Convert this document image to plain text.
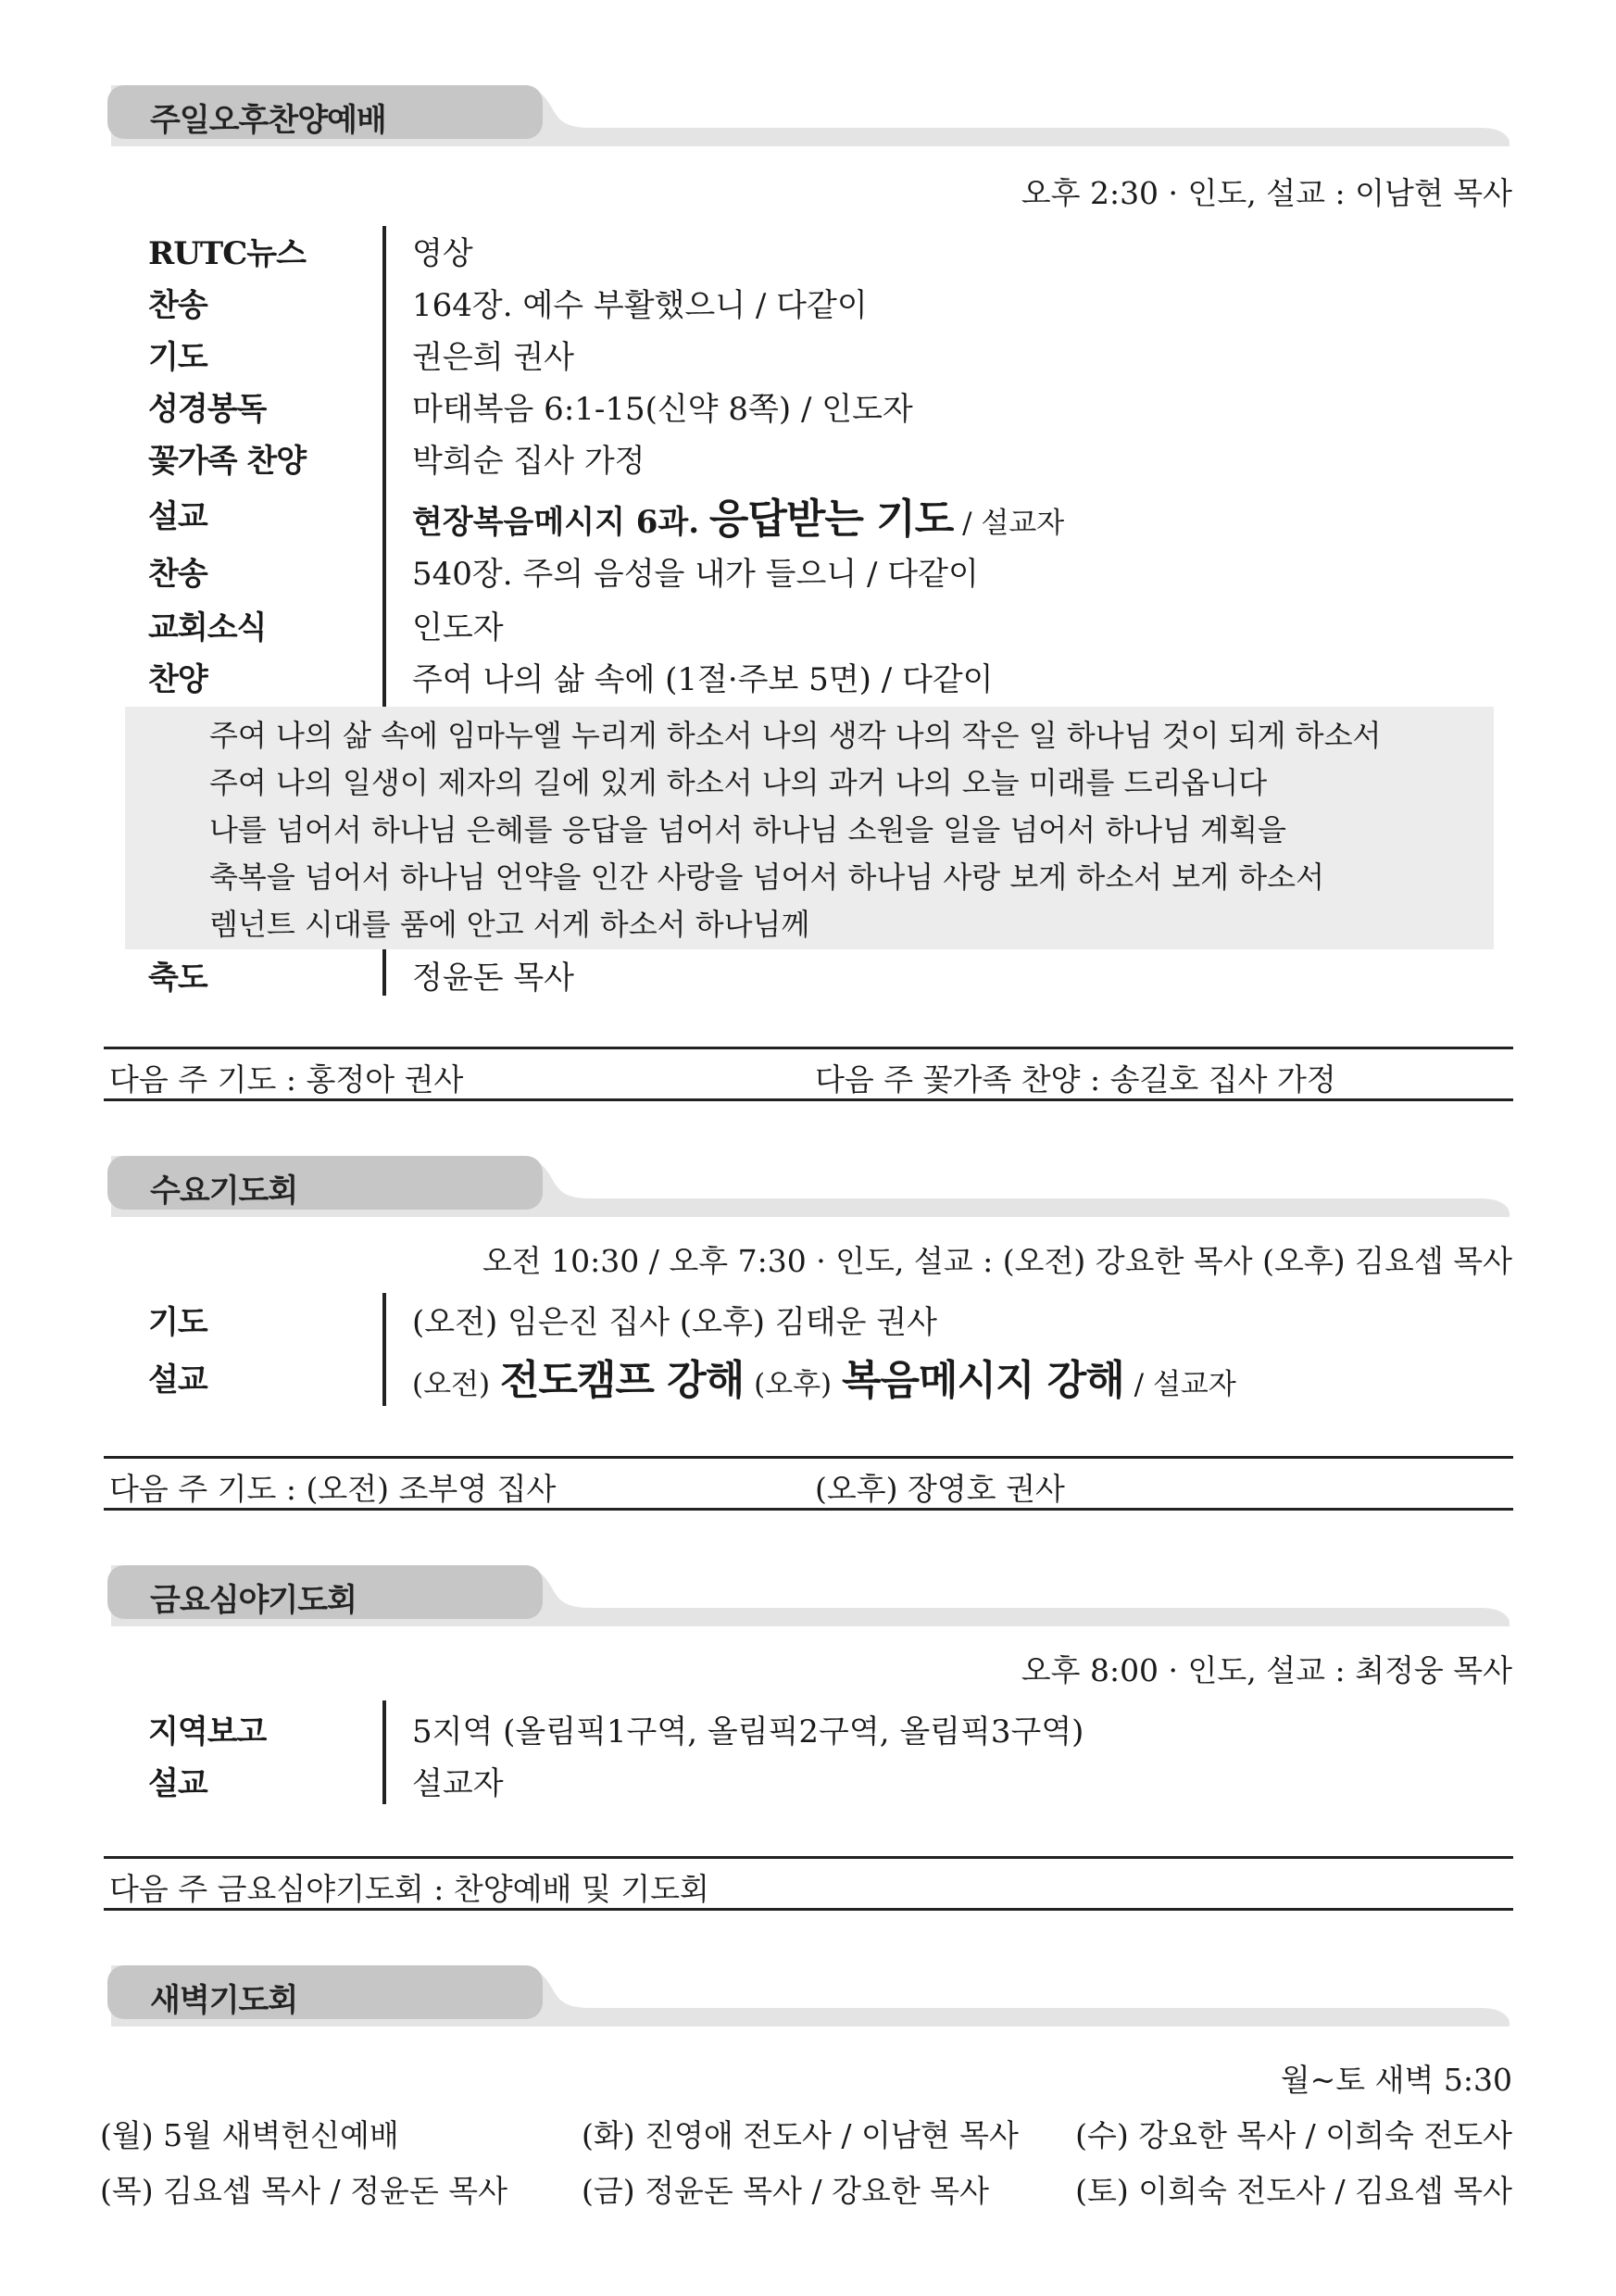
주일오후찬양예배
오후 2:30 · 인도, 설교 : 이남현 목사
RUTC뉴스	영상
찬송	164장. 예수 부활했으니 / 다같이
기도	권은희 권사
성경봉독	마태복음 6:1-15(신약 8쪽) / 인도자
꽃가족 찬양	박희순 집사 가정
설교	현장복음메시지 6과. 응답받는 기도 / 설교자
찬송	540장. 주의 음성을 내가 들으니 / 다같이
교회소식	인도자
찬양	주여 나의 삶 속에 (1절·주보 5면) / 다같이
주여 나의 삶 속에 임마누엘 누리게 하소서 나의 생각 나의 작은 일 하나님 것이 되게 하소서
주여 나의 일생이 제자의 길에 있게 하소서 나의 과거 나의 오늘 미래를 드리옵니다
나를 넘어서 하나님 은혜를 응답을 넘어서 하나님 소원을 일을 넘어서 하나님 계획을
축복을 넘어서 하나님 언약을 인간 사랑을 넘어서 하나님 사랑 보게 하소서 보게 하소서
렘넌트 시대를 품에 안고 서게 하소서 하나님께
축도	정윤돈 목사
다음 주 기도 : 홍정아 권사	다음 주 꽃가족 찬양 : 송길호 집사 가정
수요기도회
오전 10:30 / 오후 7:30 · 인도, 설교 : (오전) 강요한 목사 (오후) 김요셉 목사
기도	(오전) 임은진 집사 (오후) 김태운 권사
설교	(오전) 전도캠프 강해 (오후) 복음메시지 강해 / 설교자
다음 주 기도 : (오전) 조부영 집사	(오후) 장영호 권사
금요심야기도회
오후 8:00 · 인도, 설교 : 최정웅 목사
지역보고	5지역 (올림픽1구역, 올림픽2구역, 올림픽3구역)
설교	설교자
다음 주 금요심야기도회 : 찬양예배 및 기도회
새벽기도회
월~토 새벽 5:30
(월) 5월 새벽헌신예배	(화) 진영애 전도사 / 이남현 목사 (수) 강요한 목사 / 이희숙 전도사
(목) 김요셉 목사 / 정윤돈 목사 (금) 정윤돈 목사 / 강요한 목사	(토) 이희숙 전도사 / 김요셉 목사
